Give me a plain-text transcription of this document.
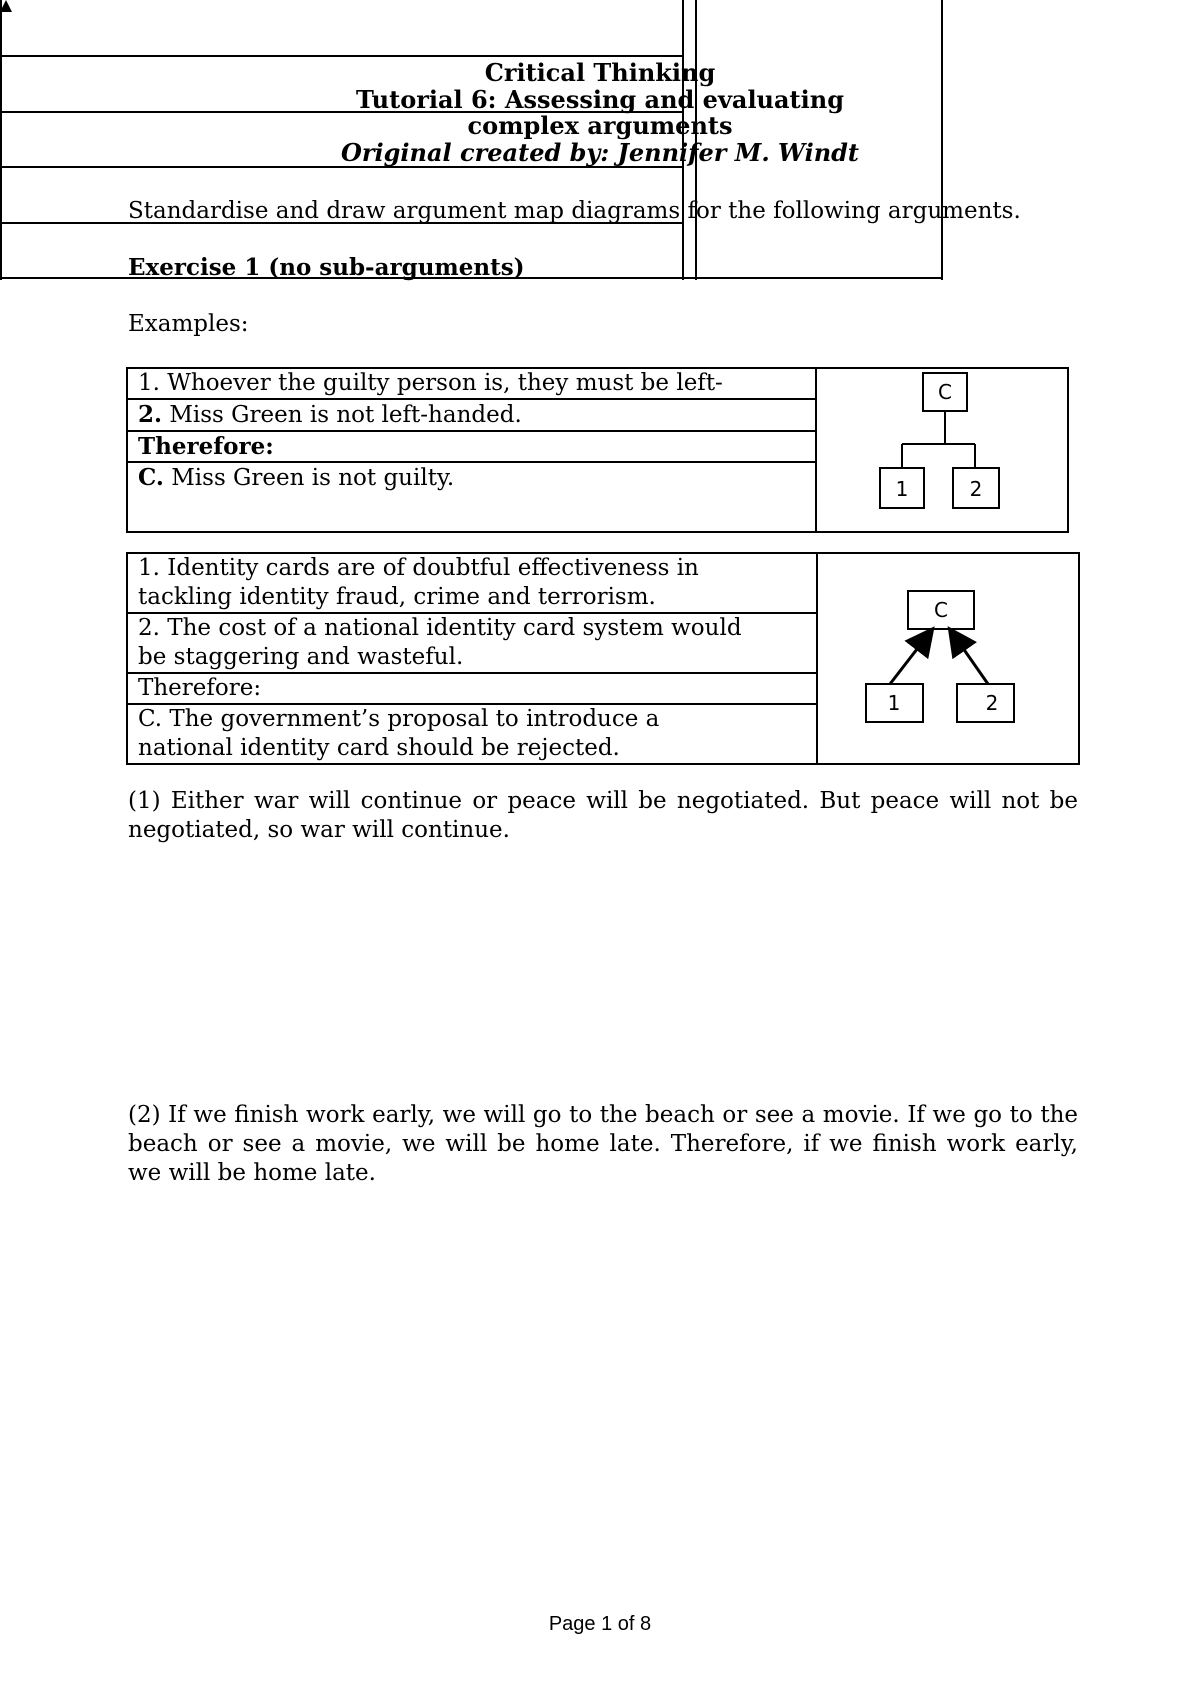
Critical Thinking
Tutorial 6: Assessing and evaluating
complex arguments
Original created by: Jennifer M. Windt
Standardise and draw argument map diagrams for the following arguments.
Exercise 1 (no sub-arguments)
Examples:
1. Whoever the guilty person is, they must be left-	C
1	2

2. Miss Green is not left-handed.
Therefore:
C. Miss Green is not guilty.
1. Identity cards are of doubtful effectiveness in
tackling identity fraud, crime and terrorism.	C
1	2

2. The cost of a national identity card system would
be staggering and wasteful.

Therefore:

C. The government’s proposal to introduce a
national identity card should be rejected.
(1) Either war will continue or peace will be negotiated. But peace will not be negotiated, so war will continue.
(2) If we finish work early, we will go to the beach or see a movie. If we go to the beach or see a movie, we will be home late. Therefore, if we finish work early, we will be home late.
Page 1 of 8
